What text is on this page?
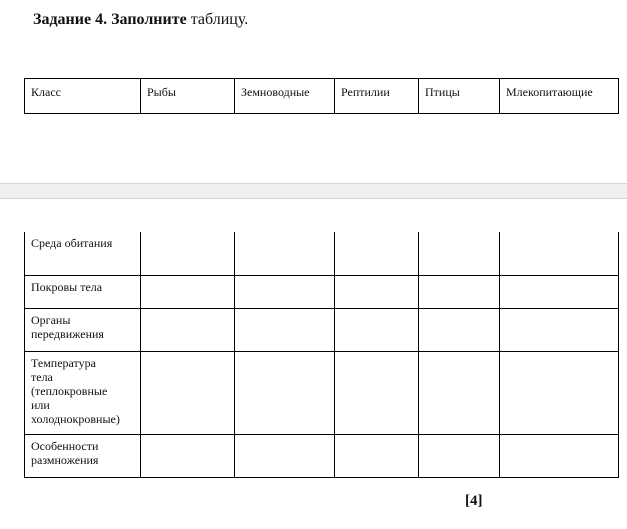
Задание 4. Заполните таблицу.
Класс	Рыбы	Земноводные	Рептилии	Птицы	Млекопитающие
Среда обитания					

Покровы тела					

Органы
передвижения					

Температура
тела
(теплокровные
или
холоднокровные)					

Особенности
размножения					

[4]
